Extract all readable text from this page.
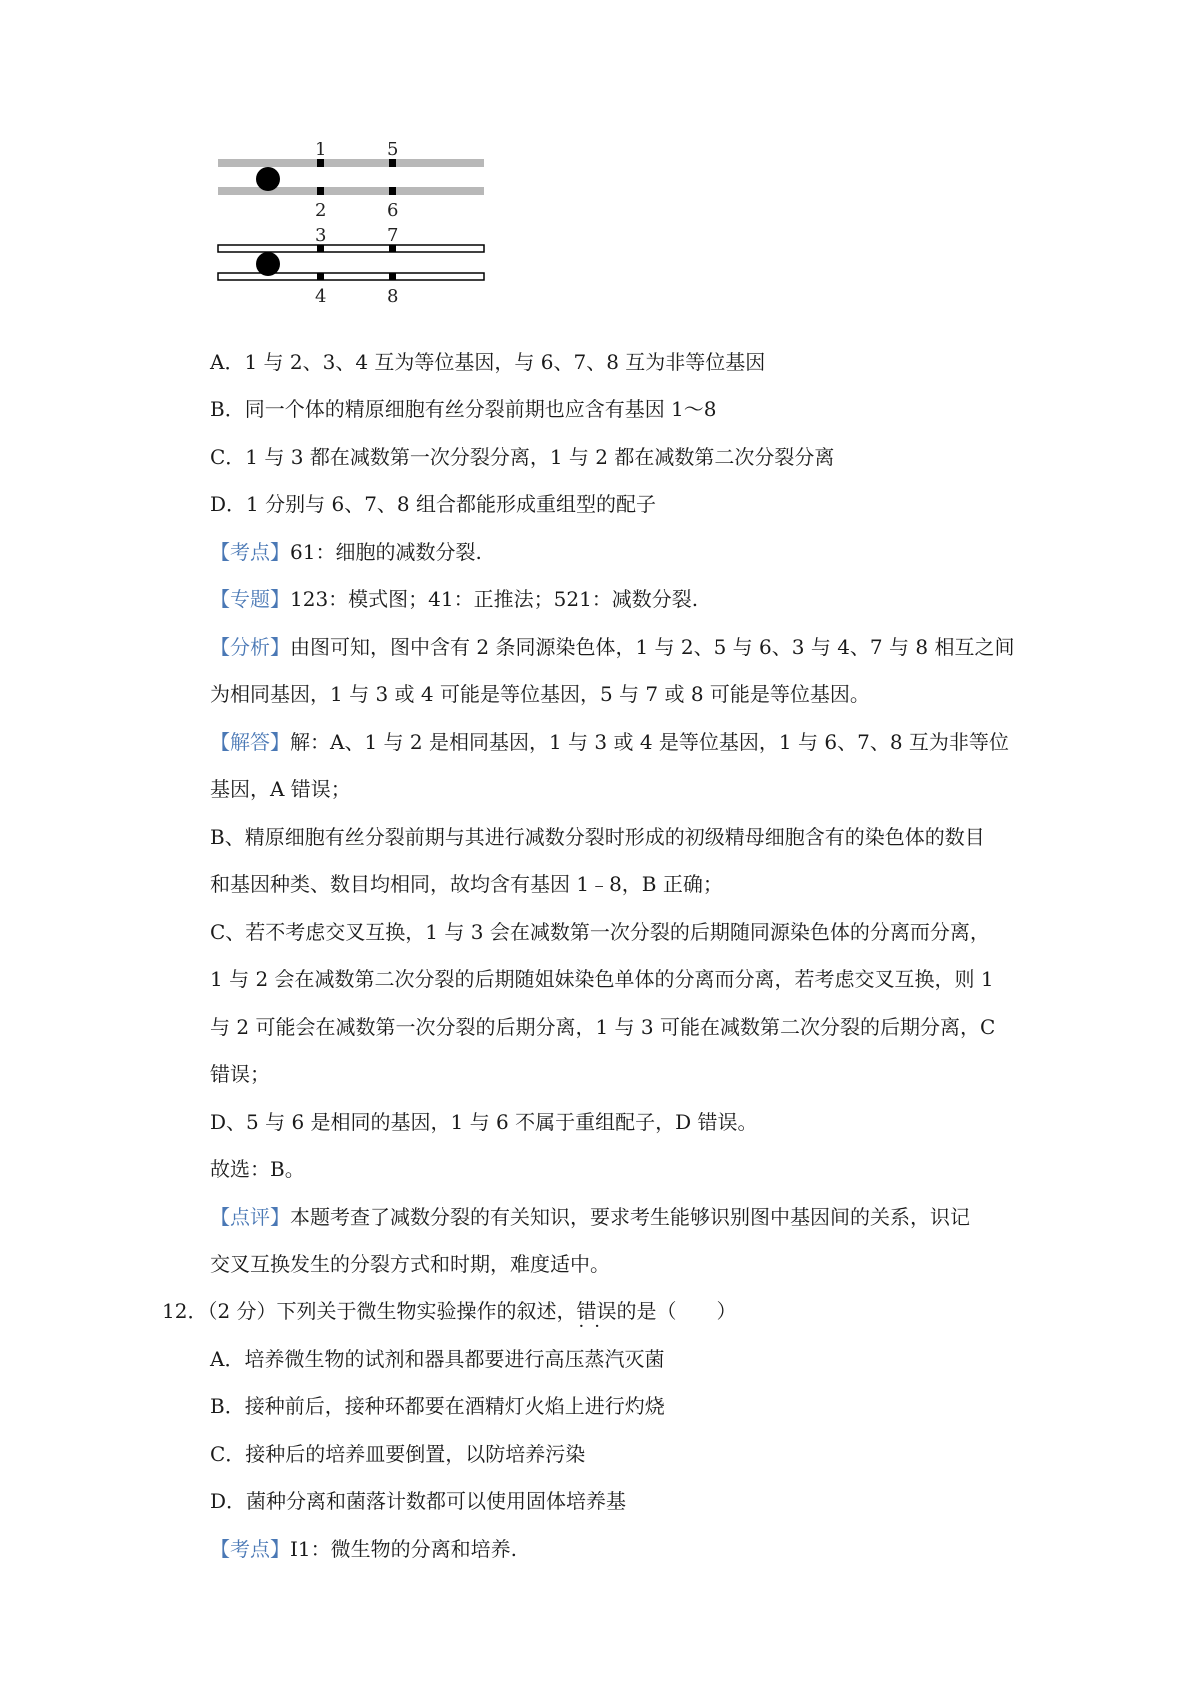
1	5
2	6
3	7
4	8
A．1 与 2、3、4 互为等位基因，与 6、7、8 互为非等位基因
B．同一个体的精原细胞有丝分裂前期也应含有基因 1～8
C．1 与 3 都在减数第一次分裂分离，1 与 2 都在减数第二次分裂分离
D．1 分别与 6、7、8 组合都能形成重组型的配子
【考点】61：细胞的减数分裂.
【专题】123：模式图；41：正推法；521：减数分裂.
【分析】由图可知，图中含有 2 条同源染色体，1 与 2、5 与 6、3 与 4、7 与 8 相互之间
为相同基因，1 与 3 或 4 可能是等位基因，5 与 7 或 8 可能是等位基因。
【解答】解：A、1 与 2 是相同基因，1 与 3 或 4 是等位基因，1 与 6、7、8 互为非等位
基因，A 错误；
B、精原细胞有丝分裂前期与其进行减数分裂时形成的初级精母细胞含有的染色体的数目
和基因种类、数目均相同，故均含有基因 1﹣8，B 正确；
C、若不考虑交叉互换，1 与 3 会在减数第一次分裂的后期随同源染色体的分离而分离，
1 与 2 会在减数第二次分裂的后期随姐妹染色单体的分离而分离，若考虑交叉互换，则 1
与 2 可能会在减数第一次分裂的后期分离，1 与 3 可能在减数第二次分裂的后期分离，C
错误；
D、5 与 6 是相同的基因，1 与 6 不属于重组配子，D 错误。
故选：B。
【点评】本题考查了减数分裂的有关知识，要求考生能够识别图中基因间的关系，识记
交叉互换发生的分裂方式和时期，难度适中。
12．（2 分）下列关于微生物实验操作的叙述，错误 ··的是（　　）
A．培养微生物的试剂和器具都要进行高压蒸汽灭菌
B．接种前后，接种环都要在酒精灯火焰上进行灼烧
C．接种后的培养皿要倒置，以防培养污染
D．菌种分离和菌落计数都可以使用固体培养基
【考点】I1：微生物的分离和培养.
